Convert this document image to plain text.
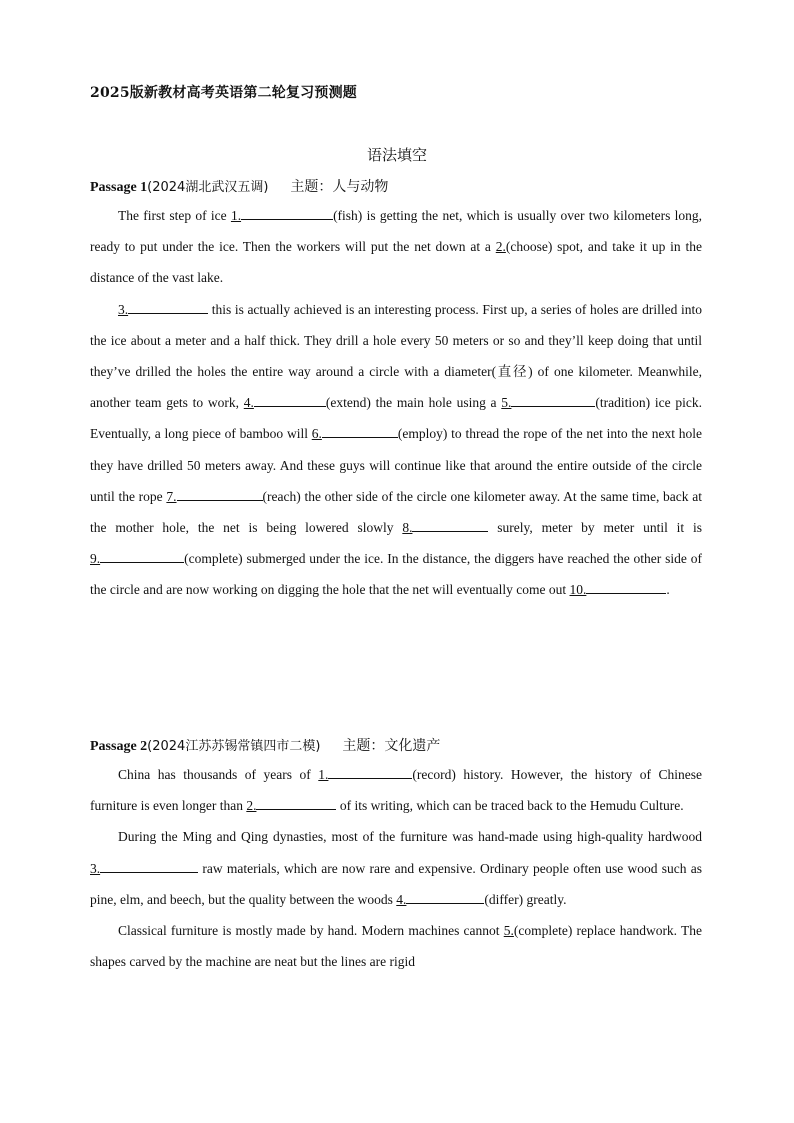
2025版新教材高考英语第二轮复习预测题
语法填空
Passage 1(2024湖北武汉五调) 主题：人与动物

The first step of ice 1.	(fish) is getting the net, which is usually over two kilometers long, ready to put under the ice. Then the workers will put the net down at a 2.(choose) spot, and take it up in the distance of the vast lake.

3.	this is actually achieved is an interesting process. First up, a series of holes are drilled into the ice about a meter and a half thick. They drill a hole every 50 meters or so and they’ll keep doing that until they’ve drilled the holes the entire way around a circle with a diameter(直径) of one kilometer. Meanwhile, another team gets to work, 4.	(extend) the main hole using a 5.	(tradition) ice pick. Eventually, a long piece of bamboo will 6.	(employ) to thread the rope of the net into the next hole they have drilled 50 meters away. And these guys will continue like that around the entire outside of the circle until the rope 7.	(reach) the other side of the circle one kilometer away. At the same time, back at the mother hole, the net is being lowered slowly 8.	surely, meter by meter until it is 9.	(complete) submerged under the ice. In the distance, the diggers have reached the other side of the circle and are now working on digging the hole that the net will eventually come out 10.	.

Passage 2(2024江苏苏锡常镇四市二模) 主题：文化遗产

China has thousands of years of 1.	(record) history. However, the history of Chinese furniture is even longer than 2.	of its writing, which can be traced back to the Hemudu Culture.

During the Ming and Qing dynasties, most of the furniture was hand-made using high-quality hardwood 3.	raw materials, which are now rare and expensive. Ordinary people often use wood such as pine, elm, and beech, but the quality between the woods 4.	(differ) greatly.

Classical furniture is mostly made by hand. Modern machines cannot 5.(complete) replace handwork. The shapes carved by the machine are neat but the lines are rigid
